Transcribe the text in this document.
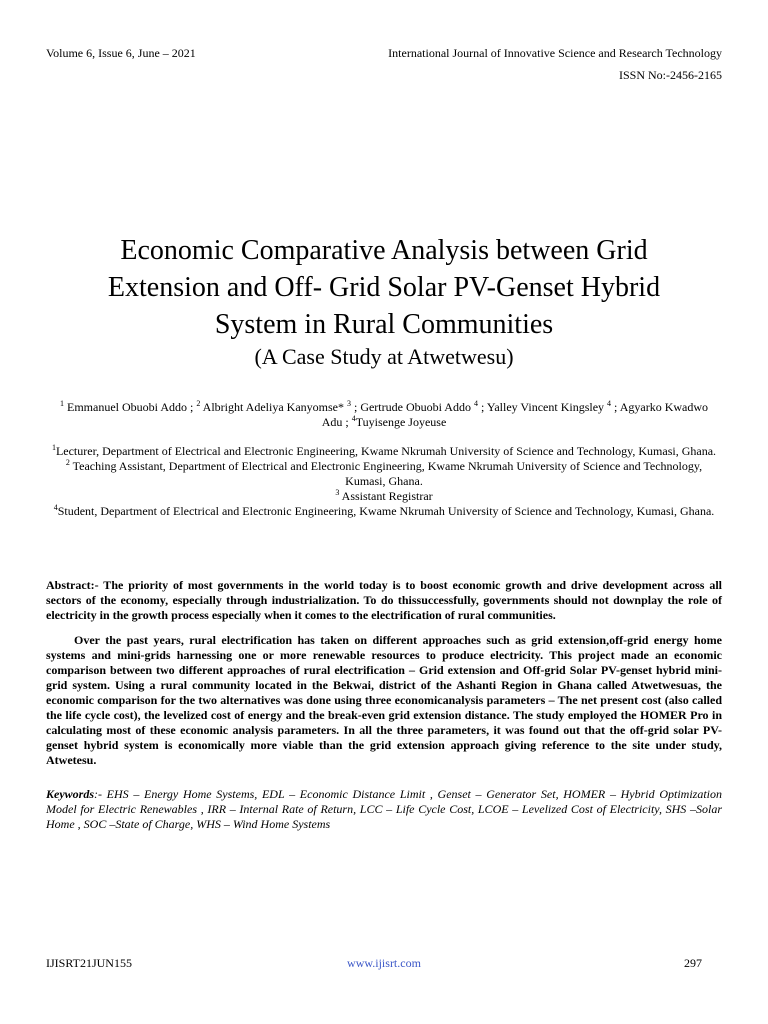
Volume 6, Issue 6, June – 2021	International Journal of Innovative Science and Research Technology
ISSN No:-2456-2165
Economic Comparative Analysis between Grid
Extension and Off- Grid Solar PV-Genset Hybrid
System in Rural Communities
(A Case Study at Atwetwesu)
$^1$ Emmanuel Obuobi Addo ; $^2$ Albright Adeliya Kanyomse* $^3$ ; Gertrude Obuobi Addo $^4$ ; Yalley Vincent Kingsley $^4$ ; Agyarko Kwadwo Adu ; $^4$Tuyisenge Joyeuse
$^1$Lecturer, Department of Electrical and Electronic Engineering, Kwame Nkrumah University of Science and Technology, Kumasi, Ghana.
$^2$ Teaching Assistant, Department of Electrical and Electronic Engineering, Kwame Nkrumah University of Science and Technology, Kumasi, Ghana.
$^3$ Assistant Registrar
$^4$Student, Department of Electrical and Electronic Engineering, Kwame Nkrumah University of Science and Technology, Kumasi, Ghana.

Abstract:- The priority of most governments in the world today is to boost economic growth and drive development across all sectors of the economy, especially through industrialization. To do thissuccessfully, governments should not downplay the role of electricity in the growth process especially when it comes to the electrification of rural communities.

Over the past years, rural electrification has taken on different approaches such as grid extension,off-grid energy home systems and mini-grids harnessing one or more renewable resources to produce electricity. This project made an economic comparison between two different approaches of rural electrification – Grid extension and Off-grid Solar PV-genset hybrid mini-grid system. Using a rural community located in the Bekwai, district of the Ashanti Region in Ghana called Atwetwesuas, the economic comparison for the two alternatives was done using three economicanalysis parameters – The net present cost (also called the life cycle cost), the levelized cost of energy and the break-even grid extension distance. The study employed the HOMER Pro in calculating most of these economic analysis parameters. In all the three parameters, it was found out that the off-grid solar PV-genset hybrid system is economically more viable than the grid extension approach giving reference to the site under study, Atwetesu.

Keywords:- EHS – Energy Home Systems, EDL – Economic Distance Limit , Genset – Generator Set, HOMER – Hybrid Optimization Model for Electric Renewables , IRR – Internal Rate of Return, LCC – Life Cycle Cost, LCOE – Levelized Cost of Electricity, SHS –Solar Home , SOC –State of Charge, WHS – Wind Home Systems
IJISRT21JUN155	www.ijisrt.com	297
